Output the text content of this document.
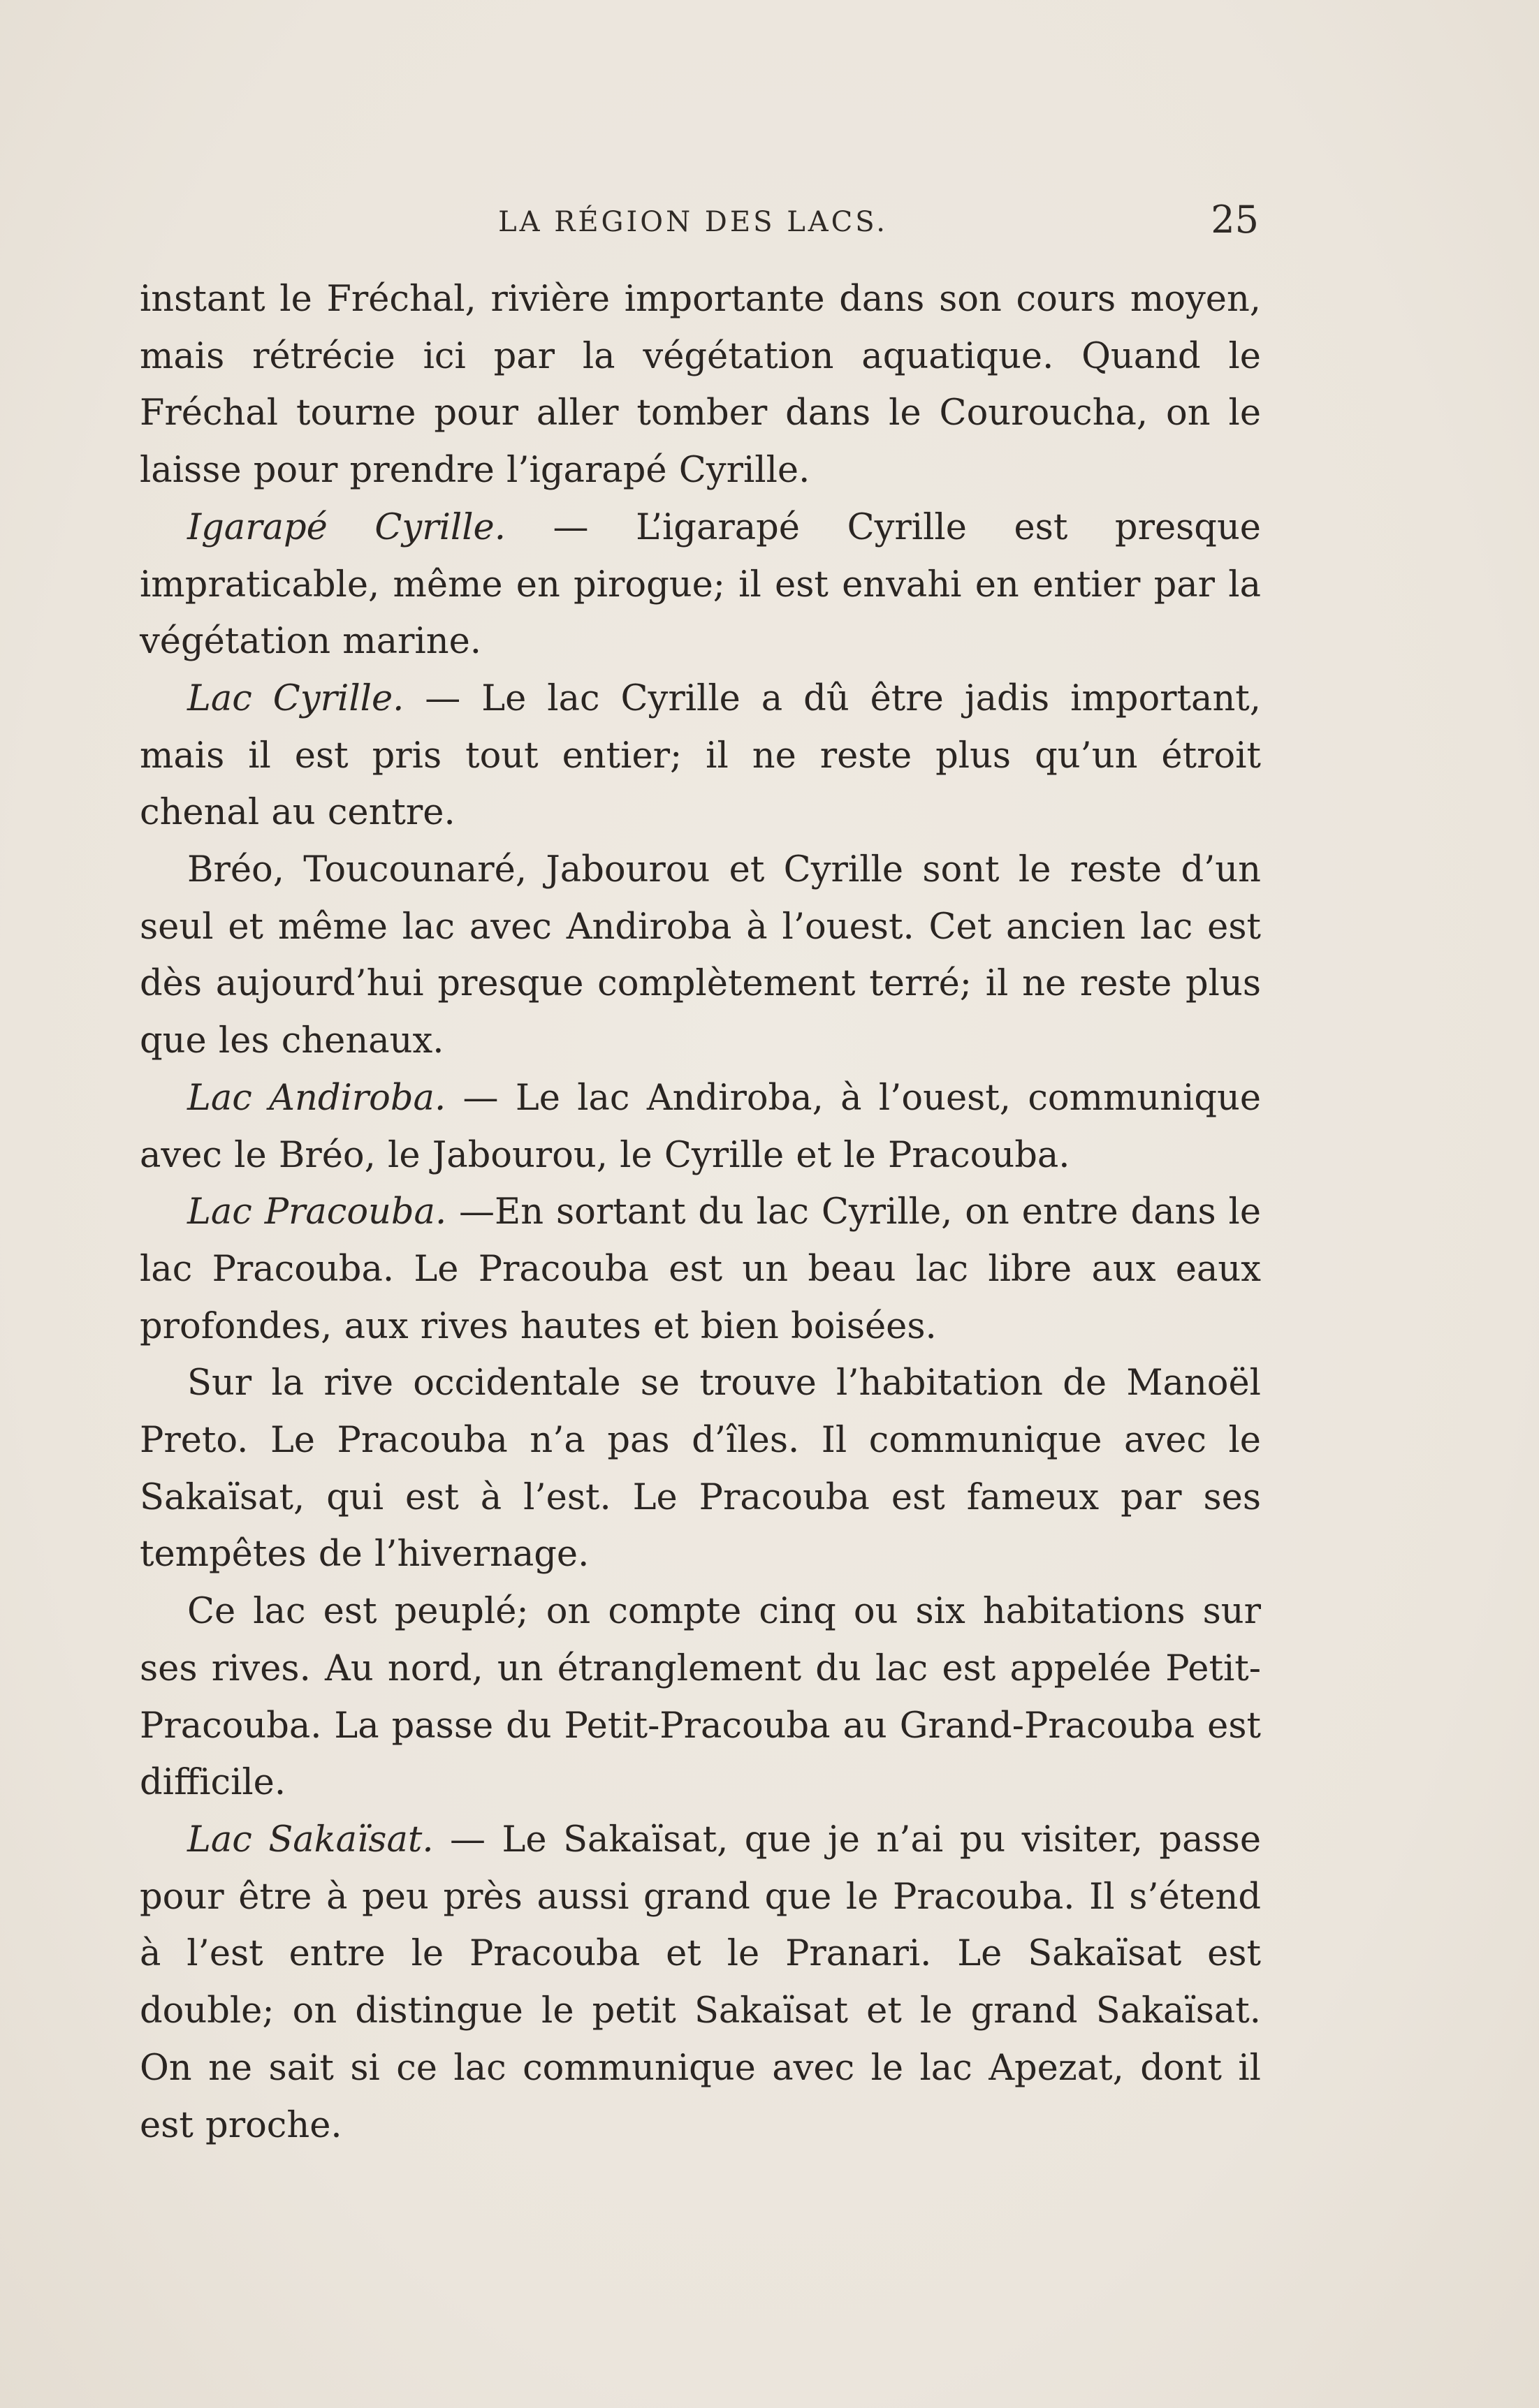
LA RÉGION DES LACS.	25

instant le Fréchal, rivière importante dans son cours moyen, mais rétrécie ici par la végétation aquatique. Quand le Fréchal tourne pour aller tomber dans le Couroucha, on le laisse pour prendre l’igarapé Cyrille.

Igarapé Cyrille. — L’igarapé Cyrille est presque impraticable, même en pirogue; il est envahi en entier par la végétation marine.

Lac Cyrille. — Le lac Cyrille a dû être jadis important, mais il est pris tout entier; il ne reste plus qu’un étroit chenal au centre.

Bréo, Toucounaré, Jabourou et Cyrille sont le reste d’un seul et même lac avec Andiroba à l’ouest. Cet ancien lac est dès aujourd’hui presque complètement terré; il ne reste plus que les chenaux.

Lac Andiroba. — Le lac Andiroba, à l’ouest, communique avec le Bréo, le Jabourou, le Cyrille et le Pracouba.

Lac Pracouba. —En sortant du lac Cyrille, on entre dans le lac Pracouba. Le Pracouba est un beau lac libre aux eaux profondes, aux rives hautes et bien boisées.

Sur la rive occidentale se trouve l’habitation de Manoël Preto. Le Pracouba n’a pas d’îles. Il communique avec le Sakaïsat, qui est à l’est. Le Pracouba est fameux par ses tempêtes de l’hivernage.

Ce lac est peuplé; on compte cinq ou six habitations sur ses rives. Au nord, un étranglement du lac est appelée Petit-Pracouba. La passe du Petit-Pracouba au Grand-Pracouba est difficile.

Lac Sakaïsat. — Le Sakaïsat, que je n’ai pu visiter, passe pour être à peu près aussi grand que le Pracouba. Il s’étend à l’est entre le Pracouba et le Pranari. Le Sakaïsat est double; on distingue le petit Sakaïsat et le grand Sakaïsat. On ne sait si ce lac communique avec le lac Apezat, dont il est proche.
